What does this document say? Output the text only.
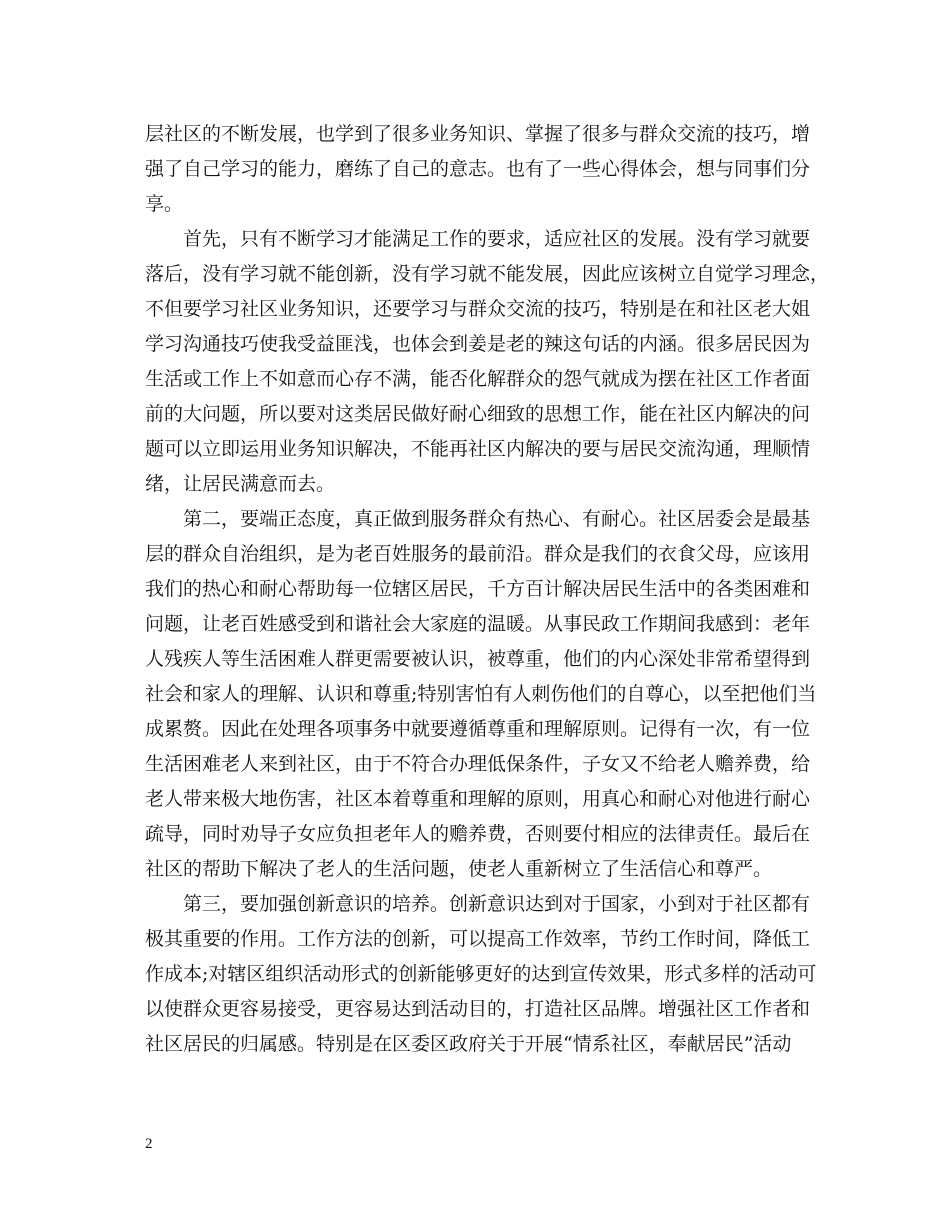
层社区的不断发展，也学到了很多业务知识、掌握了很多与群众交流的技巧，增
强了自己学习的能力，磨练了自己的意志。也有了一些心得体会，想与同事们分
享。
　　首先，只有不断学习才能满足工作的要求，适应社区的发展。没有学习就要
落后，没有学习就不能创新，没有学习就不能发展，因此应该树立自觉学习理念，
不但要学习社区业务知识，还要学习与群众交流的技巧，特别是在和社区老大姐
学习沟通技巧使我受益匪浅，也体会到姜是老的辣这句话的内涵。很多居民因为
生活或工作上不如意而心存不满，能否化解群众的怨气就成为摆在社区工作者面
前的大问题，所以要对这类居民做好耐心细致的思想工作，能在社区内解决的问
题可以立即运用业务知识解决，不能再社区内解决的要与居民交流沟通，理顺情
绪，让居民满意而去。
　　第二，要端正态度，真正做到服务群众有热心、有耐心。社区居委会是最基
层的群众自治组织，是为老百姓服务的最前沿。群众是我们的衣食父母，应该用
我们的热心和耐心帮助每一位辖区居民，千方百计解决居民生活中的各类困难和
问题，让老百姓感受到和谐社会大家庭的温暖。从事民政工作期间我感到：老年
人残疾人等生活困难人群更需要被认识，被尊重，他们的内心深处非常希望得到
社会和家人的理解、认识和尊重;特别害怕有人刺伤他们的自尊心，以至把他们当
成累赘。因此在处理各项事务中就要遵循尊重和理解原则。记得有一次，有一位
生活困难老人来到社区，由于不符合办理低保条件，子女又不给老人赡养费，给
老人带来极大地伤害，社区本着尊重和理解的原则，用真心和耐心对他进行耐心
疏导，同时劝导子女应负担老年人的赡养费，否则要付相应的法律责任。最后在
社区的帮助下解决了老人的生活问题，使老人重新树立了生活信心和尊严。
　　第三，要加强创新意识的培养。创新意识达到对于国家，小到对于社区都有
极其重要的作用。工作方法的创新，可以提高工作效率，节约工作时间，降低工
作成本;对辖区组织活动形式的创新能够更好的达到宣传效果，形式多样的活动可
以使群众更容易接受，更容易达到活动目的，打造社区品牌。增强社区工作者和
社区居民的归属感。特别是在区委区政府关于开展“情系社区，奉献居民”活动
2
